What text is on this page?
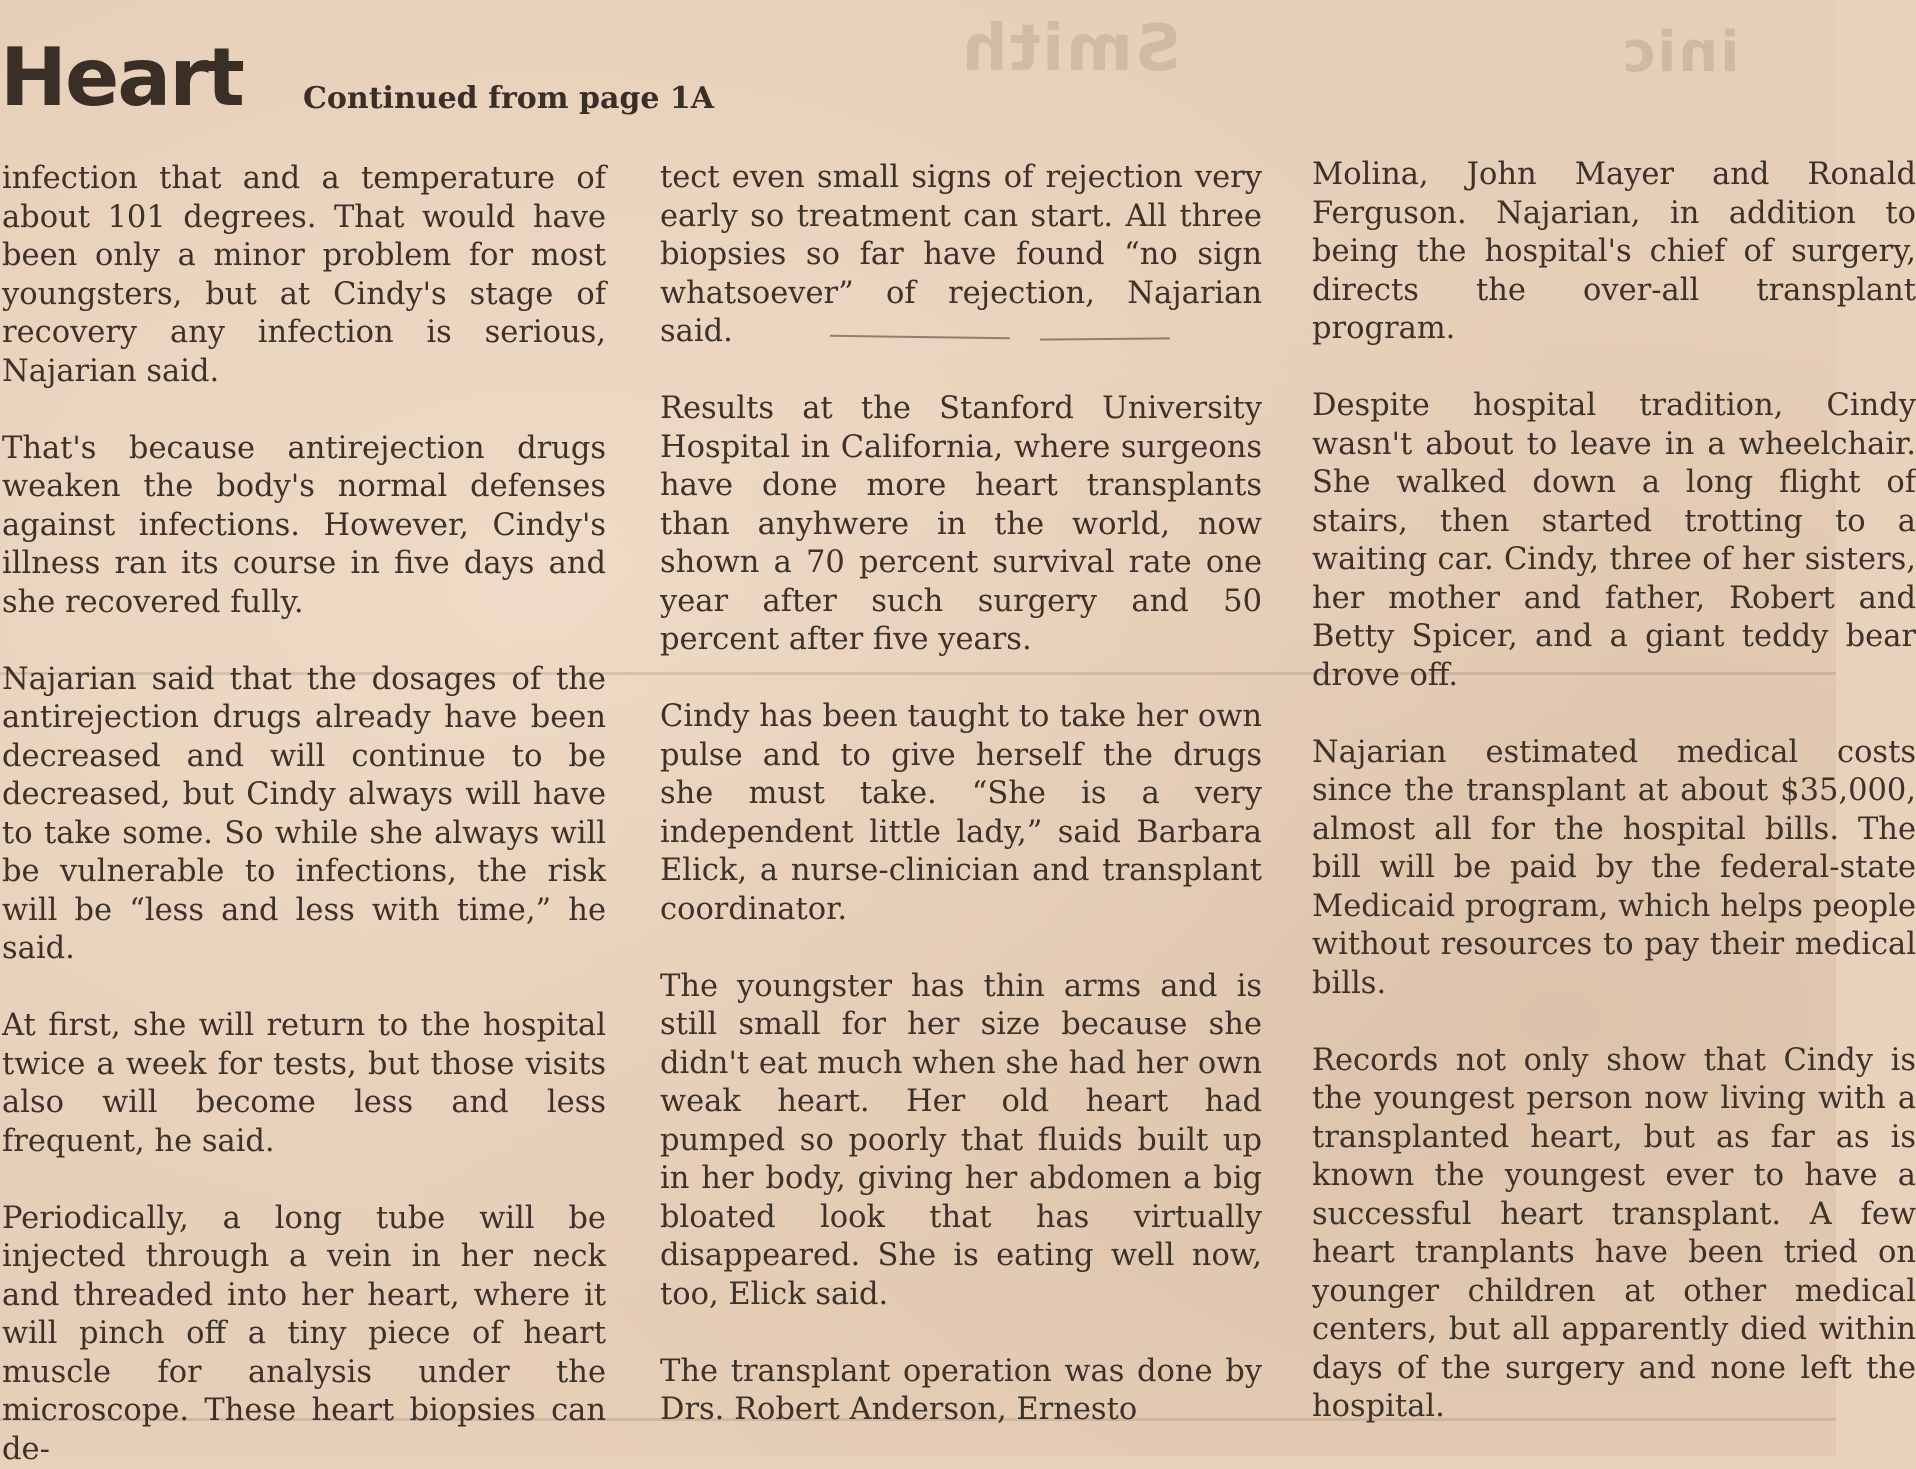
Smith	inic
Heart Continued from page 1A

infection that and a temperature of about 101 degrees. That would have been only a minor problem for most youngsters, but at Cindy's stage of recovery any infection is serious, Najarian said.

That's because antirejection drugs weaken the body's normal defenses against infections. However, Cindy's illness ran its course in five days and she recovered fully.

Najarian said that the dosages of the antirejection drugs already have been decreased and will continue to be decreased, but Cindy always will have to take some. So while she always will be vulnerable to infections, the risk will be “less and less with time,” he said.

At first, she will return to the hospital twice a week for tests, but those visits also will become less and less frequent, he said.

Periodically, a long tube will be injected through a vein in her neck and threaded into her heart, where it will pinch off a tiny piece of heart muscle for analysis under the microscope. These heart biopsies can de-

tect even small signs of rejection very early so treatment can start. All three biopsies so far have found “no sign whatsoever” of rejection, Najarian said.

Results at the Stanford University Hospital in California, where surgeons have done more heart transplants than anyhwere in the world, now shown a 70 percent survival rate one year after such surgery and 50 percent after five years.

Cindy has been taught to take her own pulse and to give herself the drugs she must take. “She is a very independent little lady,” said Barbara Elick, a nurse-clinician and transplant coordinator.

The youngster has thin arms and is still small for her size because she didn't eat much when she had her own weak heart. Her old heart had pumped so poorly that fluids built up in her body, giving her abdomen a big bloated look that has virtually disappeared. She is eating well now, too, Elick said.

The transplant operation was done by Drs. Robert Anderson, Ernesto

Molina, John Mayer and Ronald Ferguson. Najarian, in addition to being the hospital's chief of surgery, directs the over-all transplant program.

Despite hospital tradition, Cindy wasn't about to leave in a wheelchair. She walked down a long flight of stairs, then started trotting to a waiting car. Cindy, three of her sisters, her mother and father, Robert and Betty Spicer, and a giant teddy bear drove off.

Najarian estimated medical costs since the transplant at about $35,000, almost all for the hospital bills. The bill will be paid by the federal-state Medicaid program, which helps people without resources to pay their medical bills.

Records not only show that Cindy is the youngest person now living with a transplanted heart, but as far as is known the youngest ever to have a successful heart transplant. A few heart tranplants have been tried on younger children at other medical centers, but all apparently died within days of the surgery and none left the hospital.
